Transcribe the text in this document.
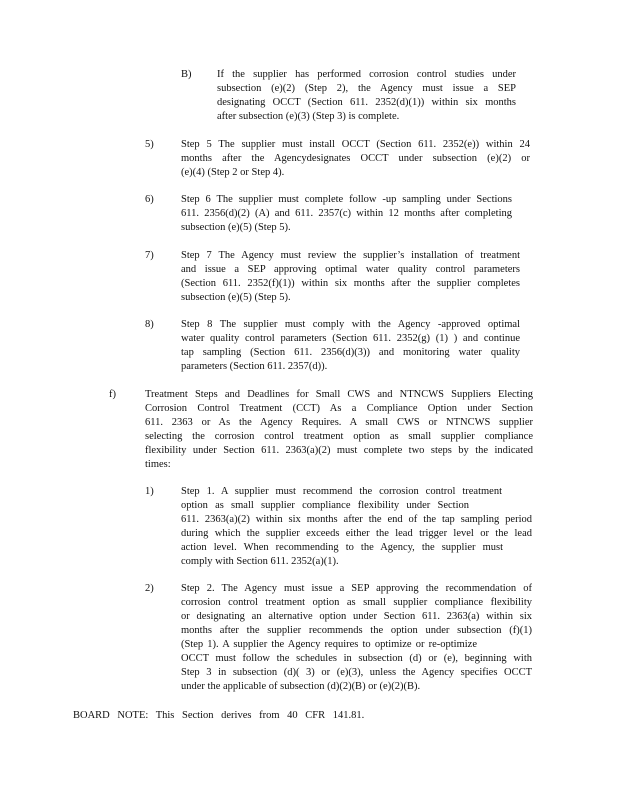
B) If the supplier has performed corrosion control studies under
subsection (e)(2) (Step 2), the Agency must issue a SEP
designating OCCT (Section 611. 2352(d)(1)) within six months
after subsection (e)(3) (Step 3) is complete.
5)	Step 5 The supplier must install OCCT (Section 611. 2352(e)) within 24
months after the Agencydesignates OCCT under subsection (e)(2) or
(e)(4) (Step 2 or Step 4).
6)	Step 6 The supplier must complete follow -up sampling under Sections
611. 2356(d)(2) (A) and 611. 2357(c) within 12 months after completing
subsection (e)(5) (Step 5).
7)	Step 7 The Agency must review the supplier’s installation of treatment
and issue a SEP approving optimal water quality control parameters
(Section 611. 2352(f)(1)) within six months after the supplier completes
subsection (e)(5) (Step 5).
8)	Step 8 The supplier must comply with the Agency -approved optimal
water quality control parameters (Section 611. 2352(g) (1) ) and continue
tap sampling (Section 611. 2356(d)(3)) and monitoring water quality
parameters (Section 611. 2357(d)).
f)	Treatment Steps and Deadlines for Small CWS and NTNCWS Suppliers Electing
Corrosion Control Treatment (CCT) As a Compliance Option under Section
611. 2363 or As the Agency Requires. A small CWS or NTNCWS supplier
selecting the corrosion control treatment option as small supplier compliance
flexibility under Section 611. 2363(a)(2) must complete two steps by the indicated
times:
1)	Step 1. A supplier must recommend the corrosion control treatment
option as small supplier compliance flexibility under Section
611. 2363(a)(2) within six months after the end of the tap sampling period
during which the supplier exceeds either the lead trigger level or the lead
action level. When recommending to the Agency, the supplier must
comply with Section 611. 2352(a)(1).
2)	Step 2. The Agency must issue a SEP approving the recommendation of
corrosion control treatment option as small supplier compliance flexibility
or designating an alternative option under Section 611. 2363(a) within six
months after the supplier recommends the option under subsection (f)(1)
(Step 1). A supplier the Agency requires to optimize or re-optimize
OCCT must follow the schedules in subsection (d) or (e), beginning with
Step 3 in subsection (d)( 3) or (e)(3), unless the Agency specifies OCCT
under the applicable of subsection (d)(2)(B) or (e)(2)(B).
BOARD NOTE: This Section derives from 40 CFR 141.81.
